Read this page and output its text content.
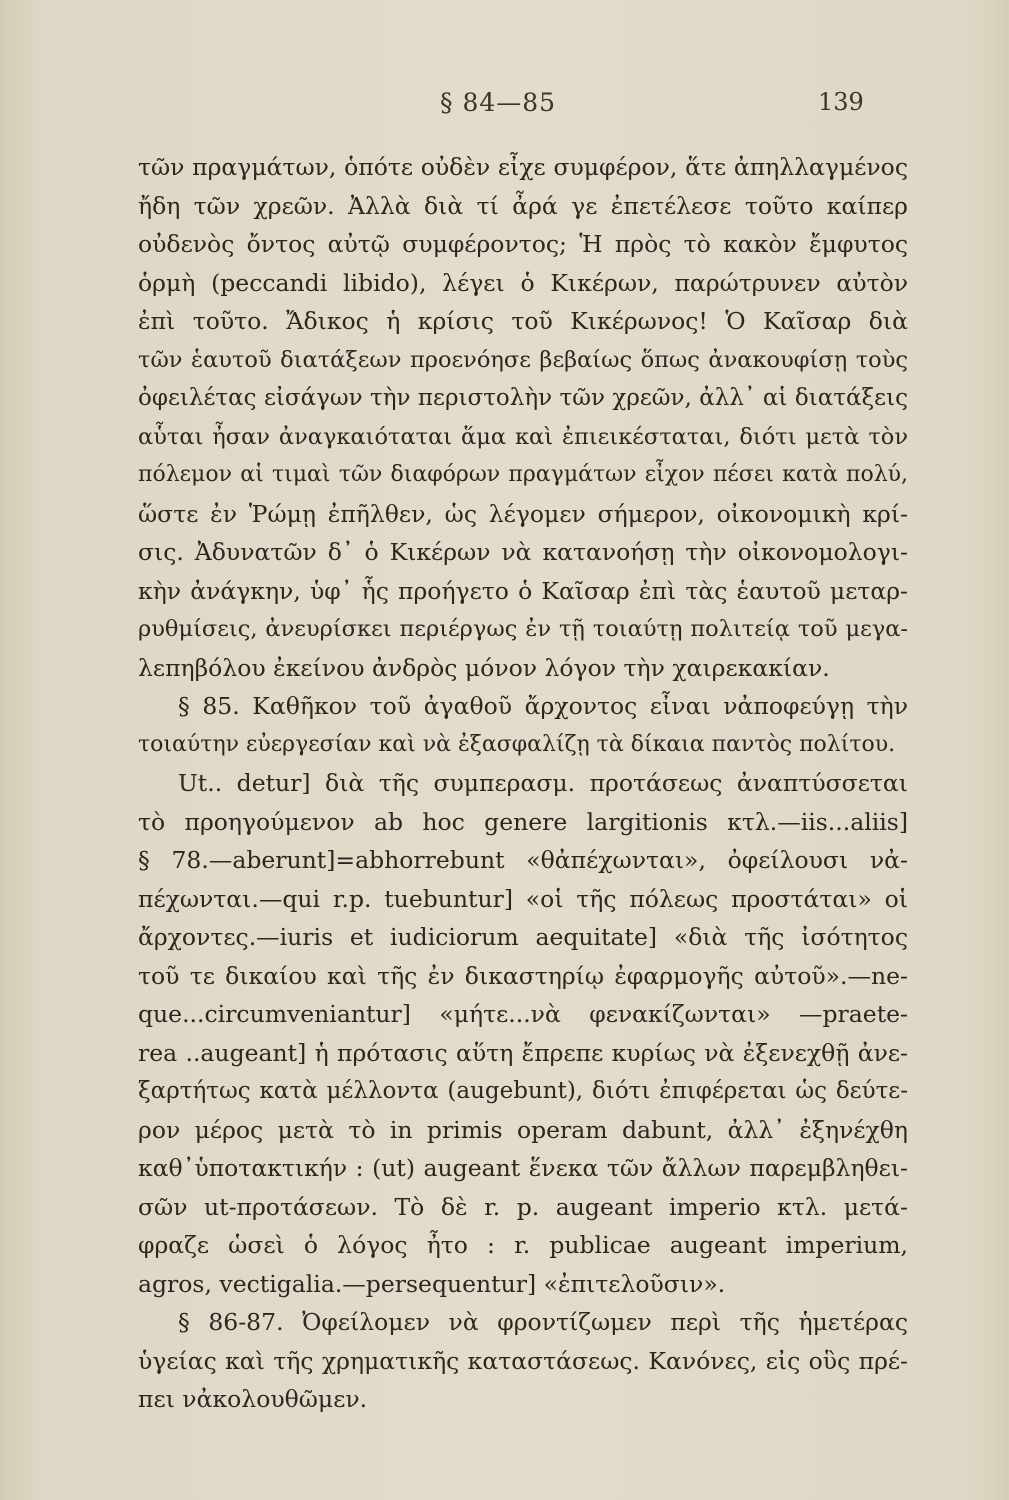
§ 84—85	139
τῶν πραγμάτων, ὁπότε οὐδὲν εἶχε συμφέρον, ἅτε ἀπηλλαγμένος
ἤδη τῶν χρεῶν. Ἀλλὰ διὰ τί ἆρά γε ἐπετέλεσε τοῦτο καίπερ
οὐδενὸς ὄντος αὐτῷ συμφέροντος; Ἡ πρὸς τὸ κακὸν ἔμφυτος
ὁρμὴ (peccandi libido), λέγει ὁ Κικέρων, παρώτρυνεν αὐτὸν
ἐπὶ τοῦτο. Ἄδικος ἡ κρίσις τοῦ Κικέρωνος! Ὁ Καῖσαρ διὰ
τῶν ἑαυτοῦ διατάξεων προενόησε βεβαίως ὅπως ἀνακουφίσῃ τοὺς
ὀφειλέτας εἰσάγων τὴν περιστολὴν τῶν χρεῶν, ἀλλ᾽ αἱ διατάξεις
αὗται ἦσαν ἀναγκαιόταται ἅμα καὶ ἐπιεικέσταται, διότι μετὰ τὸν
πόλεμον αἱ τιμαὶ τῶν διαφόρων πραγμάτων εἶχον πέσει κατὰ πολύ,
ὥστε ἐν Ῥώμῃ ἐπῆλθεν, ὡς λέγομεν σήμερον, οἰκονομικὴ κρί-
σις. Ἀδυνατῶν δ᾽ ὁ Κικέρων νὰ κατανοήσῃ τὴν οἰκονομολογι-
κὴν ἀνάγκην, ὑφ᾽ ἧς προήγετο ὁ Καῖσαρ ἐπὶ τὰς ἑαυτοῦ μεταρ-
ρυθμίσεις, ἀνευρίσκει περιέργως ἐν τῇ τοιαύτῃ πολιτείᾳ τοῦ μεγα-
λεπηβόλου ἐκείνου ἀνδρὸς μόνον λόγον τὴν χαιρεκακίαν.
§ 85. Καθῆκον τοῦ ἀγαθοῦ ἄρχοντος εἶναι νἀποφεύγῃ τὴν
τοιαύτην εὐεργεσίαν καὶ νὰ ἐξασφαλίζῃ τὰ δίκαια παντὸς πολίτου.
Ut.. detur] διὰ τῆς συμπερασμ. προτάσεως ἀναπτύσσεται
τὸ προηγούμενον ab hoc genere largitionis κτλ.—iis...aliis]
§ 78.—aberunt]=abhorrebunt «θἀπέχωνται», ὀφείλουσι νἀ-
πέχωνται.—qui r.p. tuebuntur] «οἱ τῆς πόλεως προστάται» οἱ
ἄρχοντες.—iuris et iudiciorum aequitate] «διὰ τῆς ἰσότητος
τοῦ τε δικαίου καὶ τῆς ἐν δικαστηρίῳ ἐφαρμογῆς αὐτοῦ».—ne-
que...circumveniantur] «μήτε...νὰ φενακίζωνται» —praete-
rea ..augeant] ἡ πρότασις αὕτη ἔπρεπε κυρίως νὰ ἐξενεχθῇ ἀνε-
ξαρτήτως κατὰ μέλλοντα (augebunt), διότι ἐπιφέρεται ὡς δεύτε-
ρον μέρος μετὰ τὸ in primis operam dabunt, ἀλλ᾽ ἐξηνέχθη
καθ᾽ὑποτακτικήν : (ut) augeant ἕνεκα τῶν ἄλλων παρεμβληθει-
σῶν ut-προτάσεων. Τὸ δὲ r. p. augeant imperio κτλ. μετά-
φραζε ὡσεὶ ὁ λόγος ἦτο : r. publicae augeant imperium,
agros, vectigalia.—persequentur] «ἐπιτελοῦσιν».
§ 86-87. Ὀφείλομεν νὰ φροντίζωμεν περὶ τῆς ἡμετέρας
ὑγείας καὶ τῆς χρηματικῆς καταστάσεως. Κανόνες, εἰς οὓς πρέ-
πει νἀκολουθῶμεν.
